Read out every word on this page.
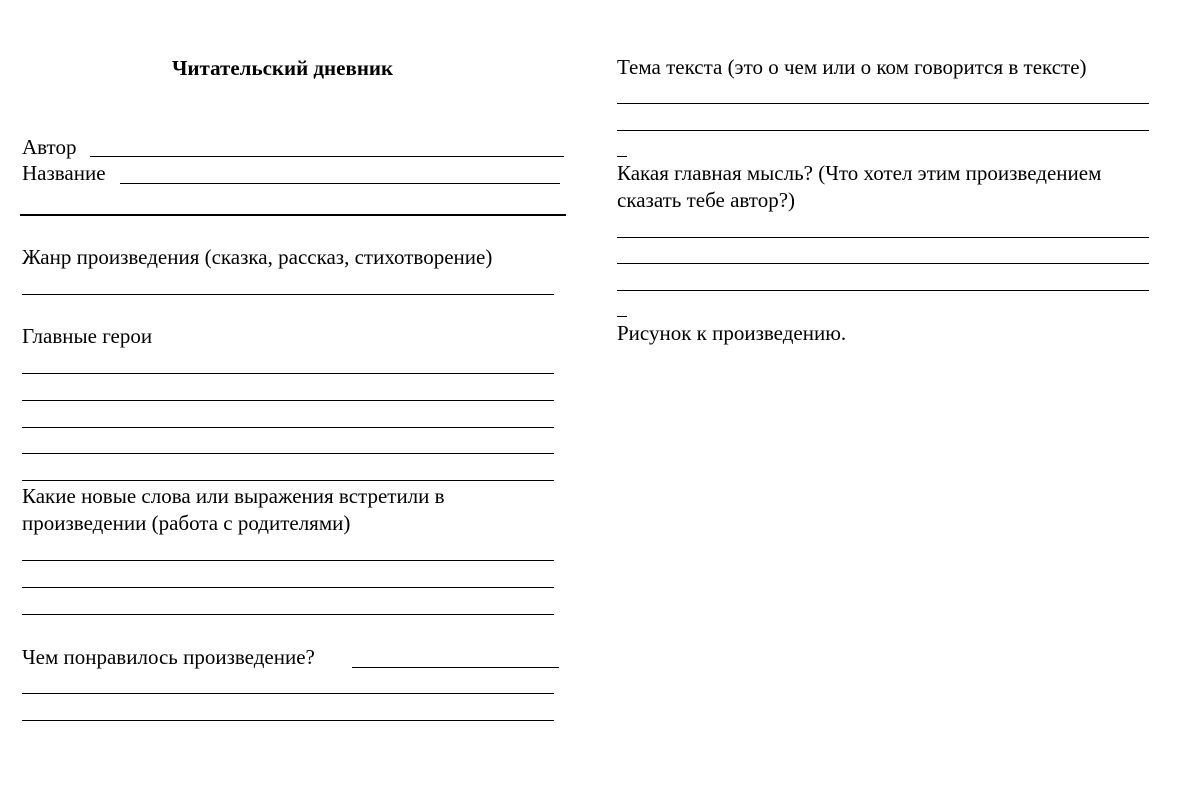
Читательский дневник

Автор

Название

Жанр произведения (сказка, рассказ, стихотворение)

Главные герои

Какие новые слова или выражения встретили в

произведении (работа с родителями)

Чем понравилось произведение?

Тема текста (это о чем или о ком говорится в тексте)

Какая главная мысль? (Что хотел этим произведением

сказать тебе автор?)

Рисунок к произведению.
